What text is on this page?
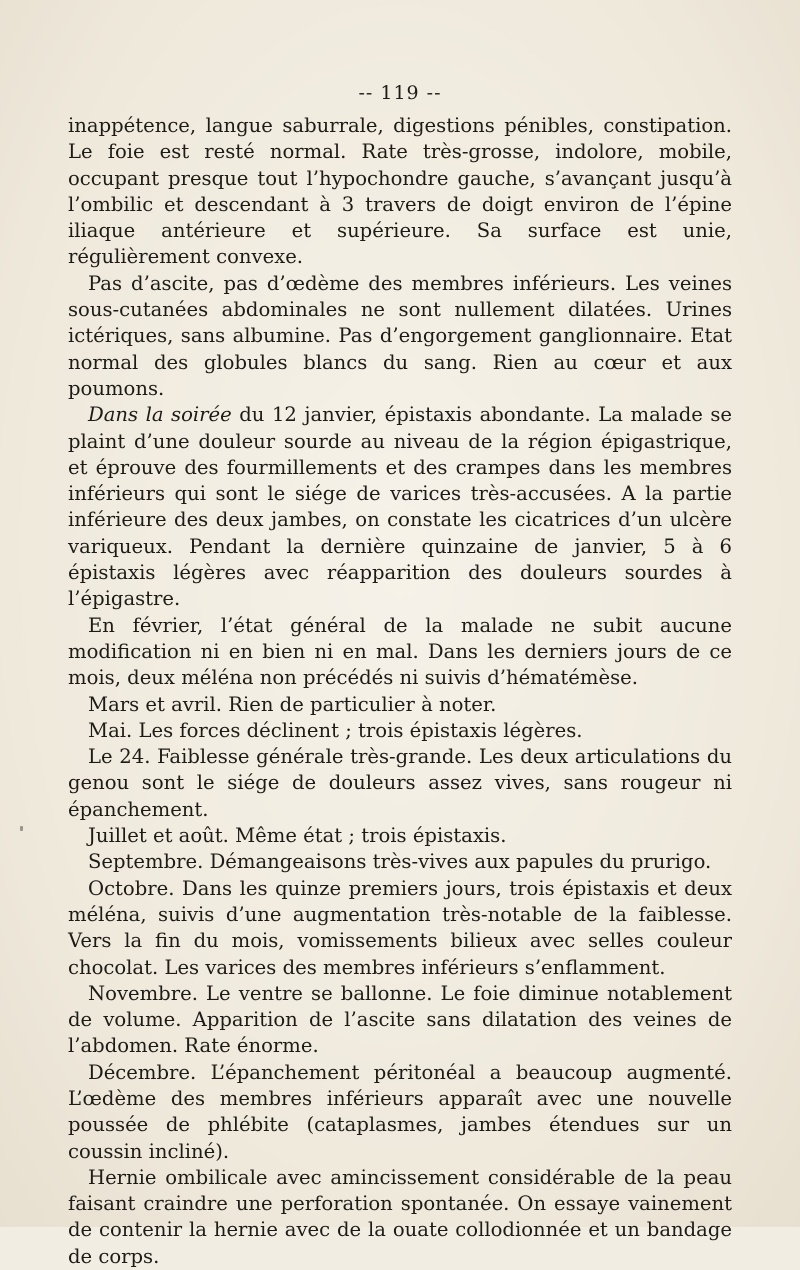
-- 119 --

inappétence, langue saburrale, digestions pénibles, constipation. Le foie est resté normal. Rate très-grosse, indolore, mobile, occupant presque tout l’hypochondre gauche, s’avançant jusqu’à l’ombilic et descendant à 3 travers de doigt environ de l’épine iliaque antérieure et supérieure. Sa surface est unie, régulièrement convexe.

Pas d’ascite, pas d’œdème des membres inférieurs. Les veines sous-cutanées abdominales ne sont nullement dilatées. Urines ictériques, sans albumine. Pas d’engorgement ganglionnaire. Etat normal des globules blancs du sang. Rien au cœur et aux poumons.

Dans la soirée du 12 janvier, épistaxis abondante. La malade se plaint d’une douleur sourde au niveau de la région épigastrique, et éprouve des fourmillements et des crampes dans les membres inférieurs qui sont le siége de varices très-accusées. A la partie inférieure des deux jambes, on constate les cicatrices d’un ulcère variqueux. Pendant la dernière quinzaine de janvier, 5 à 6 épistaxis légères avec réapparition des douleurs sourdes à l’épigastre.

En février, l’état général de la malade ne subit aucune modification ni en bien ni en mal. Dans les derniers jours de ce mois, deux méléna non précédés ni suivis d’hématémèse.

Mars et avril. Rien de particulier à noter.

Mai. Les forces déclinent ; trois épistaxis légères.

Le 24. Faiblesse générale très-grande. Les deux articulations du genou sont le siége de douleurs assez vives, sans rougeur ni épanchement.

Juillet et août. Même état ; trois épistaxis.

Septembre. Démangeaisons très-vives aux papules du prurigo.

Octobre. Dans les quinze premiers jours, trois épistaxis et deux méléna, suivis d’une augmentation très-notable de la faiblesse. Vers la fin du mois, vomissements bilieux avec selles couleur chocolat. Les varices des membres inférieurs s’enflamment.

Novembre. Le ventre se ballonne. Le foie diminue notablement de volume. Apparition de l’ascite sans dilatation des veines de l’abdomen. Rate énorme.

Décembre. L’épanchement péritonéal a beaucoup augmenté. L’œdème des membres inférieurs apparaît avec une nouvelle poussée de phlébite (cataplasmes, jambes étendues sur un coussin incliné).

Hernie ombilicale avec amincissement considérable de la peau faisant craindre une perforation spontanée. On essaye vainement de contenir la hernie avec de la ouate collodionnée et un bandage de corps.
